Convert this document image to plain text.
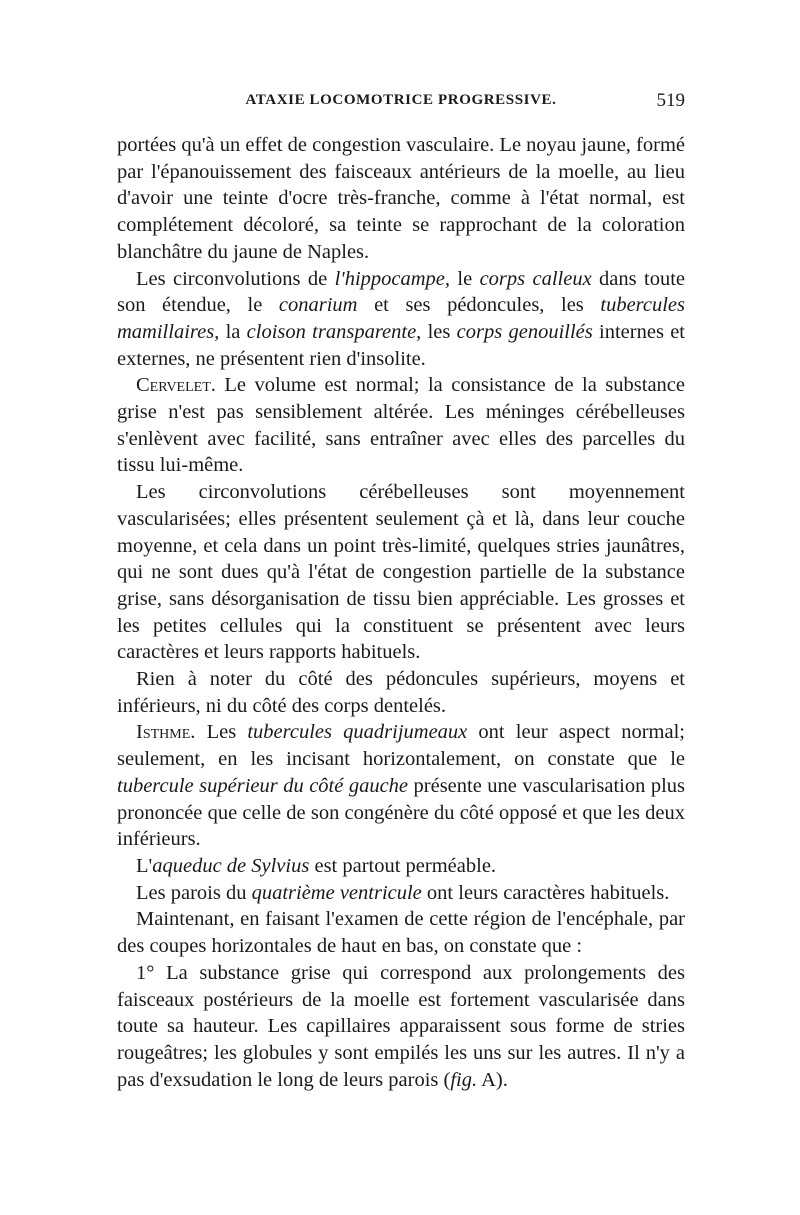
ATAXIE LOCOMOTRICE PROGRESSIVE.	519

portées qu'à un effet de congestion vasculaire. Le noyau jaune, formé par l'épanouissement des faisceaux antérieurs de la moelle, au lieu d'avoir une teinte d'ocre très-franche, comme à l'état normal, est complétement décoloré, sa teinte se rapprochant de la coloration blanchâtre du jaune de Naples.

Les circonvolutions de l'hippocampe, le corps calleux dans toute son étendue, le conarium et ses pédoncules, les tubercules mamillaires, la cloison transparente, les corps genouillés internes et externes, ne présentent rien d'insolite.

Cervelet. Le volume est normal; la consistance de la substance grise n'est pas sensiblement altérée. Les méninges cérébelleuses s'enlèvent avec facilité, sans entraîner avec elles des parcelles du tissu lui-même.

Les circonvolutions cérébelleuses sont moyennement vascularisées; elles présentent seulement çà et là, dans leur couche moyenne, et cela dans un point très-limité, quelques stries jaunâtres, qui ne sont dues qu'à l'état de congestion partielle de la substance grise, sans désorganisation de tissu bien appréciable. Les grosses et les petites cellules qui la constituent se présentent avec leurs caractères et leurs rapports habituels.

Rien à noter du côté des pédoncules supérieurs, moyens et inférieurs, ni du côté des corps dentelés.

Isthme. Les tubercules quadrijumeaux ont leur aspect normal; seulement, en les incisant horizontalement, on constate que le tubercule supérieur du côté gauche présente une vascularisation plus prononcée que celle de son congénère du côté opposé et que les deux inférieurs.

L'aqueduc de Sylvius est partout perméable.

Les parois du quatrième ventricule ont leurs caractères habituels.

Maintenant, en faisant l'examen de cette région de l'encéphale, par des coupes horizontales de haut en bas, on constate que :

1° La substance grise qui correspond aux prolongements des faisceaux postérieurs de la moelle est fortement vascularisée dans toute sa hauteur. Les capillaires apparaissent sous forme de stries rougeâtres; les globules y sont empilés les uns sur les autres. Il n'y a pas d'exsudation le long de leurs parois (fig. A).
